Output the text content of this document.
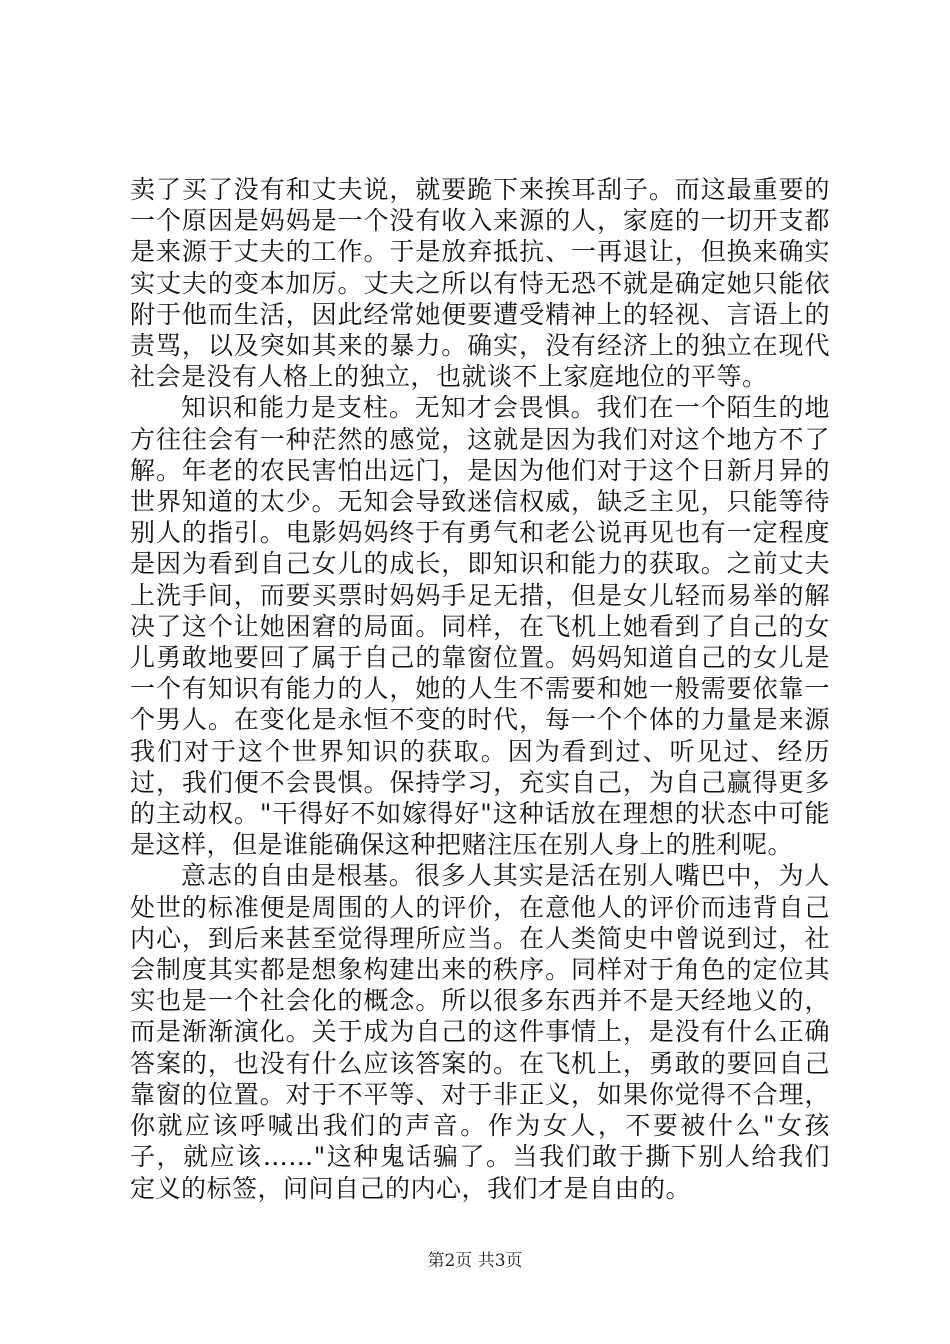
卖了买了没有和丈夫说，就要跪下来挨耳刮子。而这最重要的一个原因是妈妈是一个没有收入来源的人，家庭的一切开支都是来源于丈夫的工作。于是放弃抵抗、一再退让，但换来确实实丈夫的变本加厉。丈夫之所以有恃无恐不就是确定她只能依附于他而生活，因此经常她便要遭受精神上的轻视、言语上的责骂，以及突如其来的暴力。确实，没有经济上的独立在现代社会是没有人格上的独立，也就谈不上家庭地位的平等。

知识和能力是支柱。无知才会畏惧。我们在一个陌生的地方往往会有一种茫然的感觉，这就是因为我们对这个地方不了解。年老的农民害怕出远门，是因为他们对于这个日新月异的世界知道的太少。无知会导致迷信权威，缺乏主见，只能等待别人的指引。电影妈妈终于有勇气和老公说再见也有一定程度是因为看到自己女儿的成长，即知识和能力的获取。之前丈夫上洗手间，而要买票时妈妈手足无措，但是女儿轻而易举的解决了这个让她困窘的局面。同样，在飞机上她看到了自己的女儿勇敢地要回了属于自己的靠窗位置。妈妈知道自己的女儿是一个有知识有能力的人，她的人生不需要和她一般需要依靠一个男人。在变化是永恒不变的时代，每一个个体的力量是来源我们对于这个世界知识的获取。因为看到过、听见过、经历过，我们便不会畏惧。保持学习，充实自己，为自己赢得更多的主动权。"干得好不如嫁得好"这种话放在理想的状态中可能是这样，但是谁能确保这种把赌注压在别人身上的胜利呢。

意志的自由是根基。很多人其实是活在别人嘴巴中，为人处世的标准便是周围的人的评价，在意他人的评价而违背自己内心，到后来甚至觉得理所应当。在人类简史中曾说到过，社会制度其实都是想象构建出来的秩序。同样对于角色的定位其实也是一个社会化的概念。所以很多东西并不是天经地义的，而是渐渐演化。关于成为自己的这件事情上，是没有什么正确答案的，也没有什么应该答案的。在飞机上，勇敢的要回自己靠窗的位置。对于不平等、对于非正义，如果你觉得不合理，你就应该呼喊出我们的声音。作为女人，不要被什么"女孩子，就应该……"这种鬼话骗了。当我们敢于撕下别人给我们定义的标签，问问自己的内心，我们才是自由的。

第2页 共3页
